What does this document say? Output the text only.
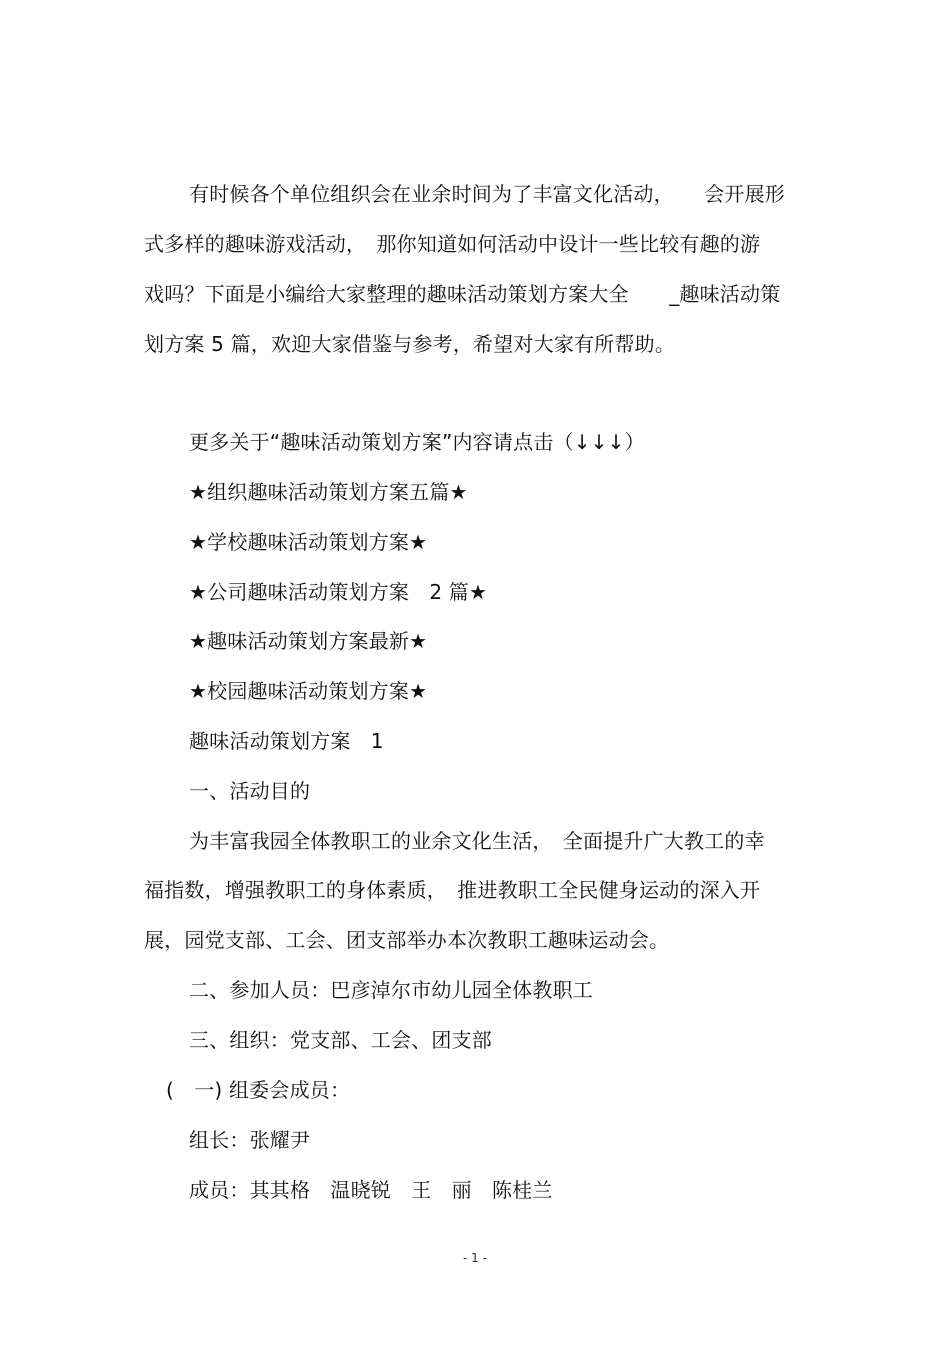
有时候各个单位组织会在业余时间为了丰富文化活动，　　会开展形
式多样的趣味游戏活动，　那你知道如何活动中设计一些比较有趣的游
戏吗？下面是小编给大家整理的趣味活动策划方案大全　　_趣味活动策
划方案 5 篇，欢迎大家借鉴与参考，希望对大家有所帮助。
更多关于“趣味活动策划方案”内容请点击（↓↓↓）
★组织趣味活动策划方案五篇★
★学校趣味活动策划方案★
★公司趣味活动策划方案　2 篇★
★趣味活动策划方案最新★
★校园趣味活动策划方案★
趣味活动策划方案　1
一、活动目的
为丰富我园全体教职工的业余文化生活，　全面提升广大教工的幸
福指数，增强教职工的身体素质，　推进教职工全民健身运动的深入开
展，园党支部、工会、团支部举办本次教职工趣味运动会。
二、参加人员：巴彦淖尔市幼儿园全体教职工
三、组织：党支部、工会、团支部
(　一) 组委会成员：
组长：张耀尹
成员：其其格　温晓锐　王　丽　陈桂兰
- 1 -
